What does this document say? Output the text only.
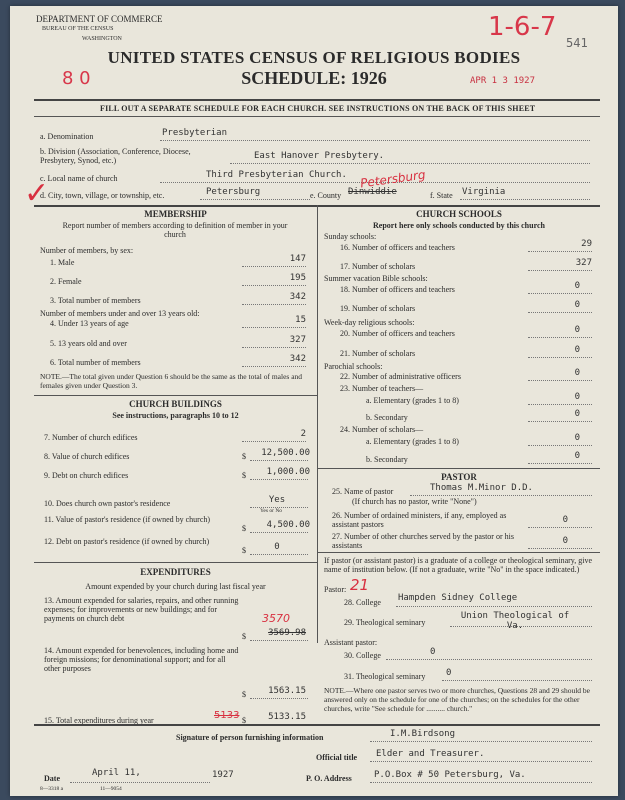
DEPARTMENT OF COMMERCE
BUREAU OF THE CENSUS
WASHINGTON	1-6-7
541
UNITED STATES CENSUS OF RELIGIOUS BODIES
8 0	SCHEDULE: 1926	APR 1 3 1927
FILL OUT A SEPARATE SCHEDULE FOR EACH CHURCH. SEE INSTRUCTIONS ON THE BACK OF THIS SHEET
a. Denomination	Presbyterian
b. Division (Association, Conference, Diocese, Presbytery, Synod, etc.)	East Hanover Presbytery.
c. Local name of church	Third Presbyterian Church.
d. City, town, village, or township, etc.	Petersburg	e. County Dinwiddie
Petersburg
f. State Virginia
✓
MEMBERSHIP
Report number of members according to definition of member in your church
Number of members, by sex:
1. Male	147
2. Female	195
3. Total number of members	342
Number of members under and over 13 years old:
4. Under 13 years of age	15
5. 13 years old and over	327
6. Total number of members	342
NOTE.—The total given under Question 6 should be the same as the total of males and females given under Question 3.
CHURCH BUILDINGS
See instructions, paragraphs 10 to 12
7. Number of church edifices	2
8. Value of church edifices	$	12,500.00
9. Debt on church edifices	$	1,000.00
10. Does church own pastor's residence	Yes
Yes or No
11. Value of pastor's residence (if owned by church)
$	4,500.00
12. Debt on pastor's residence (if owned by church)
$	0
EXPENDITURES
Amount expended by your church during last fiscal year
13. Amount expended for salaries, repairs, and other running expenses; for improvements or new buildings; and for payments on church debt	3570
$	3569.98
14. Amount expended for benevolences, including home and foreign missions; for denominational support; and for all other purposes
$	1563.15
15. Total expenditures during year	$	5133.15
CHURCH SCHOOLS
Report here only schools conducted by this church
Sunday schools:
16. Number of officers and teachers	29
17. Number of scholars	327
Summer vacation Bible schools:
18. Number of officers and teachers	0
19. Number of scholars	0
Week-day religious schools:
20. Number of officers and teachers	0
21. Number of scholars	0
Parochial schools:
22. Number of administrative officers	0
23. Number of teachers—
a. Elementary (grades 1 to 8)	0
b. Secondary	0
24. Number of scholars—
a. Elementary (grades 1 to 8)	0
b. Secondary	0
PASTOR
25. Name of pastor	Thomas M.Minor D.D.
(If church has no pastor, write "None")
26. Number of ordained ministers, if any, employed as assistant pastors	0
27. Number of other churches served by the pastor or his assistants	0
If pastor (or assistant pastor) is a graduate of a college or theological seminary, give name of institution below. (If not a graduate, write "No" in the space indicated.)
Pastor: 21
28. College Hampden Sidney College
29. Theological seminary
Union Theological of Va.
Assistant pastor:
30. College	0
31. Theological seminary 0
NOTE.—Where one pastor serves two or more churches, Questions 28 and 29 should be answered only on the schedule for one of the churches; on the schedules for the other churches, write "See schedule for .......... church."
5133
Signature of person furnishing information	I.M.Birdsong
Official title Elder and Treasurer.
Date
April 11,	1927	P. O. Address P.O.Box # 50 Petersburg, Va.
8—3318 a	11—9054
